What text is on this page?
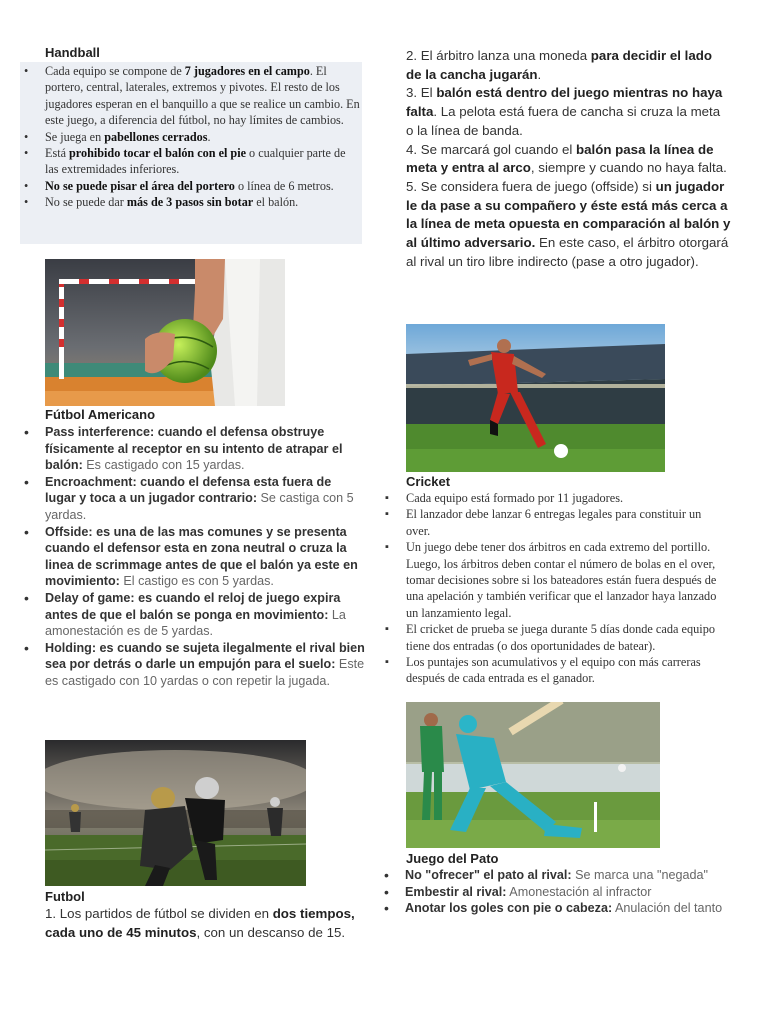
Handball
• Cada equipo se compone de 7 jugadores en el campo. El portero, central, laterales, extremos y pivotes. El resto de los jugadores esperan en el banquillo a que se realice un cambio. En este juego, a diferencia del fútbol, no hay límites de cambios.
• Se juega en pabellones cerrados.
• Está prohibido tocar el balón con el pie o cualquier parte de las extremidades inferiores.
• No se puede pisar el área del portero o línea de 6 metros.
• No se puede dar más de 3 pasos sin botar el balón.
Fútbol Americano
• Pass interference: cuando el defensa obstruye físicamente al receptor en su intento de atrapar el balón: Es castigado con 15 yardas.
• Encroachment: cuando el defensa esta fuera de lugar y toca a un jugador contrario: Se castiga con 5 yardas.
• Offside: es una de las mas comunes y se presenta cuando el defensor esta en zona neutral o cruza la linea de scrimmage antes de que el balón ya este en movimiento: El castigo es con 5 yardas.
• Delay of game: es cuando el reloj de juego expira antes de que el balón se ponga en movimiento: La amonestación es de 5 yardas.
• Holding: es cuando se sujeta ilegalmente el rival bien sea por detrás o darle un empujón para el suelo: Este es castigado con 10 yardas o con repetir la jugada.
Futbol

1. Los partidos de fútbol se dividen en dos tiempos, cada uno de 45 minutos, con un descanso de 15.

2. El árbitro lanza una moneda para decidir el lado de la cancha jugarán.

3. El balón está dentro del juego mientras no haya falta. La pelota está fuera de cancha si cruza la meta o la línea de banda.

4. Se marcará gol cuando el balón pasa la línea de meta y entra al arco, siempre y cuando no haya falta.

5. Se considera fuera de juego (offside) si un jugador le da pase a su compañero y éste está más cerca a la línea de meta opuesta en comparación al balón y al último adversario. En este caso, el árbitro otorgará al rival un tiro libre indirecto (pase a otro jugador).

Cricket
▪ Cada equipo está formado por 11 jugadores.
▪ El lanzador debe lanzar 6 entregas legales para constituir un over.
▪ Un juego debe tener dos árbitros en cada extremo del portillo. Luego, los árbitros deben contar el número de bolas en el over, tomar decisiones sobre si los bateadores están fuera después de una apelación y también verificar que el lanzador haya lanzado un lanzamiento legal.
▪ El cricket de prueba se juega durante 5 días donde cada equipo tiene dos entradas (o dos oportunidades de batear).
▪ Los puntajes son acumulativos y el equipo con más carreras después de cada entrada es el ganador.
Juego del Pato
• No "ofrecer" el pato al rival: Se marca una "negada"
• Embestir al rival: Amonestación al infractor
• Anotar los goles con pie o cabeza: Anulación del tanto
